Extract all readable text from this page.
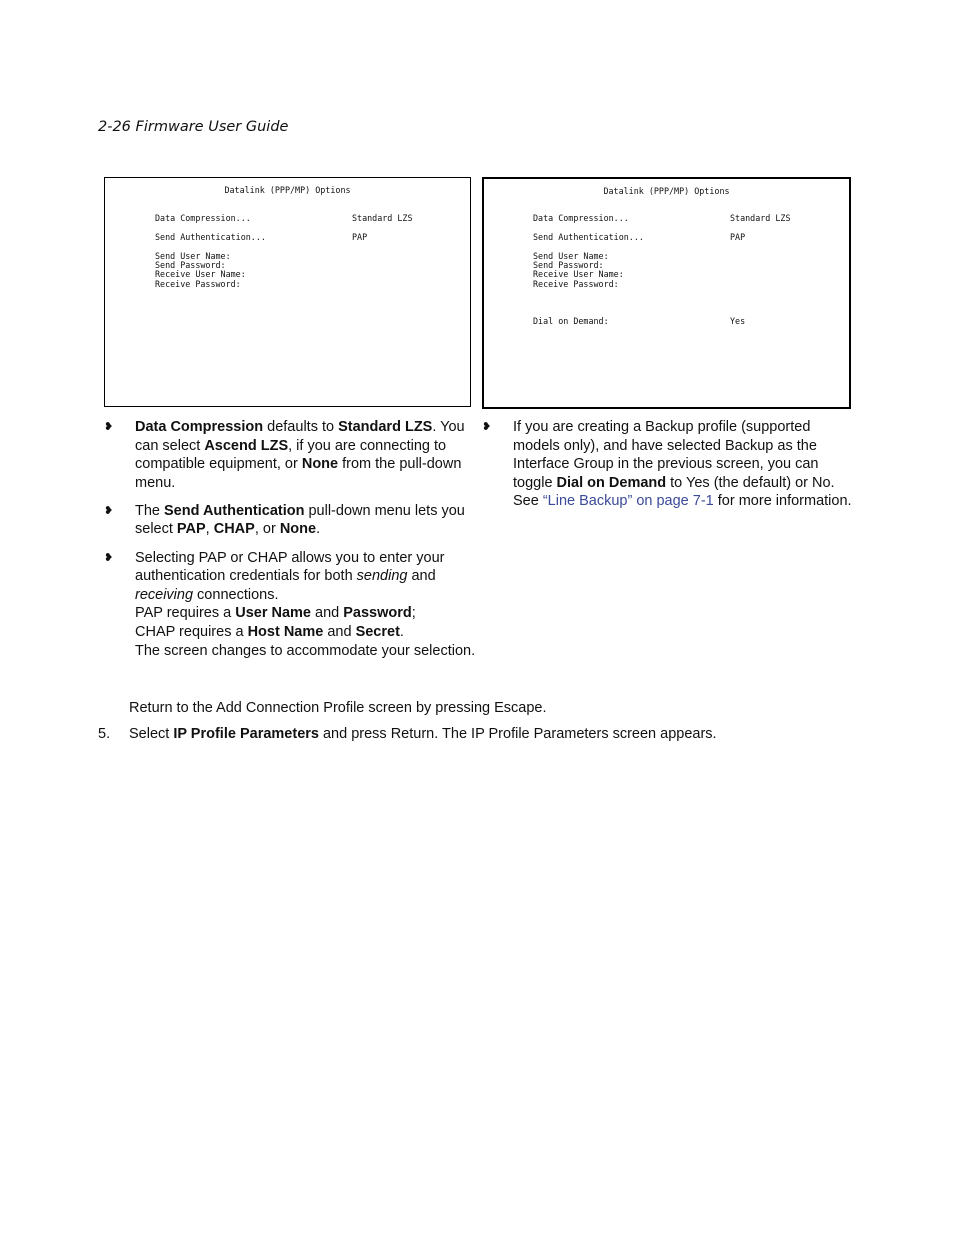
2-26 Firmware User Guide
Datalink (PPP/MP) Options
Data Compression...	Standard LZS
Send Authentication...	PAP
Send User Name:
Send Password:
Receive User Name:
Receive Password:
Datalink (PPP/MP) Options
Data Compression...	Standard LZS
Send Authentication...	PAP
Send User Name:
Send Password:
Receive User Name:
Receive Password:
Dial on Demand:	Yes
❥ Data Compression defaults to Standard LZS. You can select Ascend LZS, if you are connecting to compatible equipment, or None from the pull-down menu.

❥ The Send Authentication pull-down menu lets you select PAP, CHAP, or None.

❥ Selecting PAP or CHAP allows you to enter your authentication credentials for both sending and receiving connections.
PAP requires a User Name and Password;
CHAP requires a Host Name and Secret.
The screen changes to accommodate your selection.

❥ If you are creating a Backup profile (supported models only), and have selected Backup as the Interface Group in the previous screen, you can toggle Dial on Demand to Yes (the default) or No. See “Line Backup” on page 7-1 for more information.

Return to the Add Connection Profile screen by pressing Escape.
5. Select IP Profile Parameters and press Return. The IP Profile Parameters screen appears.
